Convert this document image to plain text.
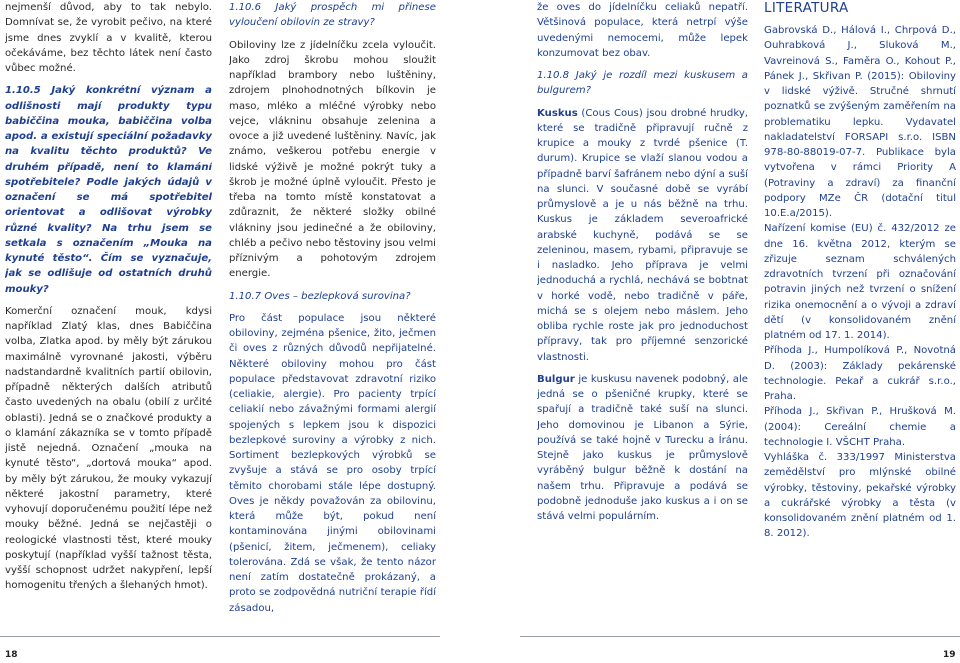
nejmenší důvod, aby to tak nebylo. Domnívat se, že vyrobit pečivo, na které jsme dnes zvyklí a v kvalitě, kterou očekáváme, bez těchto látek není často vůbec možné.

1.10.5 Jaký konkrétní význam a odlišnosti mají produkty typu babiččina mouka, babiččina volba apod. a existují speciální požadavky na kvalitu těchto produktů? Ve druhém případě, není to klamání spotřebitele? Podle jakých údajů v označení se má spotřebitel orientovat a odlišovat výrobky různé kvality? Na trhu jsem se setkala s označením „Mouka na kynuté těsto“. Čím se vyznačuje, jak se odlišuje od ostatních druhů mouky?

Komerční označení mouk, kdysi například Zlatý klas, dnes Babiččina volba, Zlatka apod. by měly být zárukou maximálně vyrovnané jakosti, výběru nadstandardně kvalitních partií obilovin, případně některých dalších atributů často uvedených na obalu (obilí z určité oblasti). Jedná se o značkové produkty a o klamání zákazníka se v tomto případě jistě nejedná. Označení „mouka na kynuté těsto“, „dortová mouka“ apod. by měly být zárukou, že mouky vykazují některé jakostní parametry, které vyhovují doporučenému použití lépe než mouky běžné. Jedná se nejčastěji o reologické vlastnosti těst, které mouky poskytují (například vyšší tažnost těsta, vyšší schopnost udržet nakypření, lepší homogenitu třených a šlehaných hmot).

1.10.6 Jaký prospěch mi přinese vyloučení obilovin ze stravy?

Obiloviny lze z jídelníčku zcela vyloučit. Jako zdroj škrobu mohou sloužit například brambory nebo luštěniny, zdrojem plnohodnotných bílkovin je maso, mléko a mléčné výrobky nebo vejce, vlákninu obsahuje zelenina a ovoce a již uvedené luštěniny. Navíc, jak známo, veškerou potřebu energie v lidské výživě je možné pokrýt tuky a škrob je možné úplně vyloučit. Přesto je třeba na tomto místě konstatovat a zdůraznit, že některé složky obilné vlákniny jsou jedinečné a že obiloviny, chléb a pečivo nebo těstoviny jsou velmi příznivým a pohotovým zdrojem energie.

1.10.7 Oves – bezlepková surovina?

Pro část populace jsou některé obiloviny, zejména pšenice, žito, ječmen či oves z různých důvodů nepřijatelné. Některé obiloviny mohou pro část populace představovat zdravotní riziko (celiakie, alergie). Pro pacienty trpící celiakií nebo závažnými formami alergií spojených s lepkem jsou k dispozici bezlepkové suroviny a výrobky z nich. Sortiment bezlepkových výrobků se zvyšuje a stává se pro osoby trpící těmito chorobami stále lépe dostupný. Oves je někdy považován za obilovinu, která může být, pokud není kontaminována jinými obilovinami (pšenicí, žitem, ječmenem), celiaky tolerována. Zdá se však, že tento názor není zatím dostatečně prokázaný, a proto se zodpovědná nutriční terapie řídí zásadou,

že oves do jídelníčku celiaků nepatří. Většinová populace, která netrpí výše uvedenými nemocemi, může lepek konzumovat bez obav.

1.10.8 Jaký je rozdíl mezi kuskusem a bulgurem?

Kuskus (Cous Cous) jsou drobné hrudky, které se tradičně připravují ručně z krupice a mouky z tvrdé pšenice (T. durum). Krupice se vlaží slanou vodou a případně barví šafránem nebo dýní a suší na slunci. V současné době se vyrábí průmyslově a je u nás běžně na trhu. Kuskus je základem severoafrické arabské kuchyně, podává se se zeleninou, masem, rybami, připravuje se i nasladko. Jeho příprava je velmi jednoduchá a rychlá, nechává se bobtnat v horké vodě, nebo tradičně v páře, michá se s olejem nebo máslem. Jeho obliba rychle roste jak pro jednoduchost přípravy, tak pro příjemné senzorické vlastnosti.

Bulgur je kuskusu navenek podobný, ale jedná se o pšeničné krupky, které se spařují a tradičně také suší na slunci. Jeho domovinou je Libanon a Sýrie, používá se také hojně v Turecku a Íránu. Stejně jako kuskus je průmyslově vyráběný bulgur běžně k dostání na našem trhu. Připravuje a podává se podobně jednoduše jako kuskus a i on se stává velmi populárním.

LITERATURA

Gabrovská D., Hálová I., Chrpová D., Ouhrabková J., Sluková M., Vavreinová S., Faměra O., Kohout P., Pánek J., Skřivan P. (2015): Obiloviny v lidské výživě. Stručné shrnutí poznatků se zvýšeným zaměřením na problematiku lepku. Vydavatel nakladatelství FORSAPI s.r.o. ISBN 978-80-88019-07-7. Publikace byla vytvořena v rámci Priority A (Potraviny a zdraví) za finanční podpory MZe ČR (dotační titul 10.E.a/2015).

Nařízení komise (EU) č. 432/2012 ze dne 16. května 2012, kterým se zřizuje seznam schválených zdravotních tvrzení při označování potravin jiných než tvrzení o snížení rizika onemocnění a o vývoji a zdraví dětí (v konsolidovaném znění platném od 17. 1. 2014).

Příhoda J., Humpolíková P., Novotná D. (2003): Základy pekárenské technologie. Pekař a cukrář s.r.o., Praha.

Příhoda J., Skřivan P., Hrušková M. (2004): Cereální chemie a technologie I. VŠCHT Praha.

Vyhláška č. 333/1997 Ministerstva zemědělství pro mlýnské obilné výrobky, těstoviny, pekařské výrobky a cukrářské výrobky a těsta (v konsolidovaném znění platném od 1. 8. 2012).

18	19
